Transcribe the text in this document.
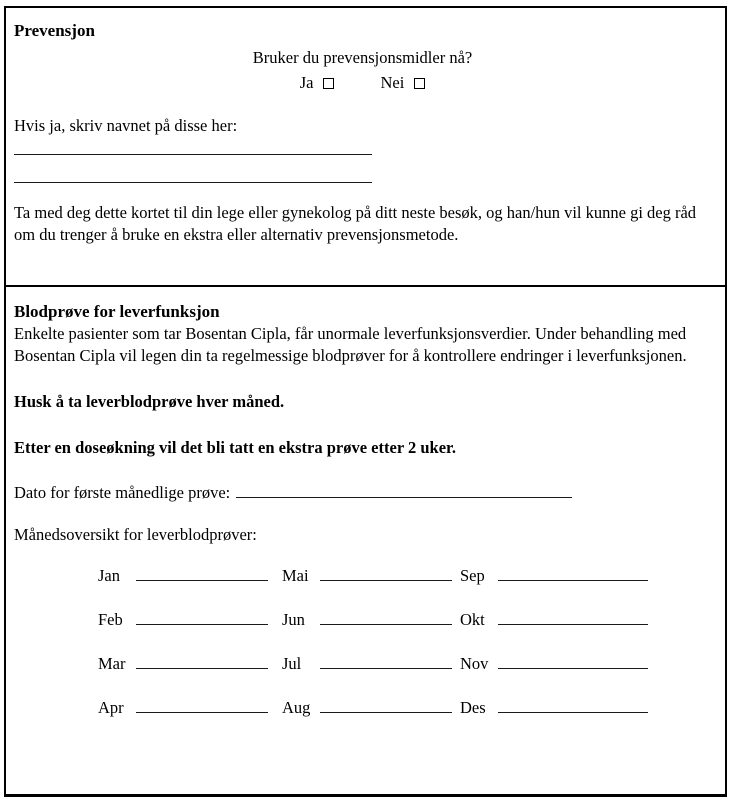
Prevensjon
Bruker du prevensjonsmidler nå?
Ja	Nei

Hvis ja, skriv navnet på disse her:

Ta med deg dette kortet til din lege eller gynekolog på ditt neste besøk, og han/hun vil kunne gi deg råd om du trenger å bruke en ekstra eller alternativ prevensjonsmetode.

Blodprøve for leverfunksjon

Enkelte pasienter som tar Bosentan Cipla, får unormale leverfunksjonsverdier. Under behandling med Bosentan Cipla vil legen din ta regelmessige blodprøver for å kontrollere endringer i leverfunksjonen.

Husk å ta leverblodprøve hver måned.

Etter en doseøkning vil det bli tatt en ekstra prøve etter 2 uker.

Dato for første månedlige prøve:

Månedsoversikt for leverblodprøver:

Jan	Mai	Sep
Feb	Jun	Okt
Mar	Jul	Nov
Apr	Aug	Des
